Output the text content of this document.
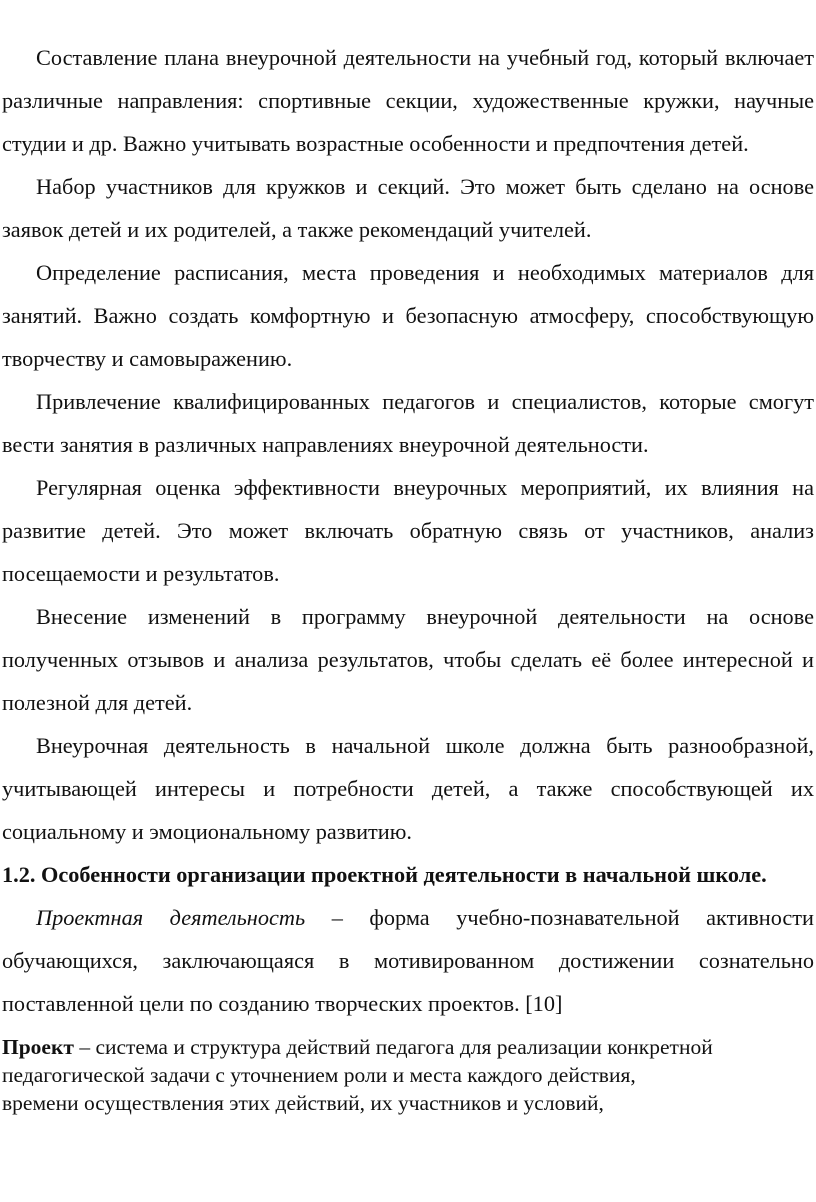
Составление плана внеурочной деятельности на учебный год, который включает различные направления: спортивные секции, художественные кружки, научные студии и др. Важно учитывать возрастные особенности и предпочтения детей.

Набор участников для кружков и секций. Это может быть сделано на основе заявок детей и их родителей, а также рекомендаций учителей.

Определение расписания, места проведения и необходимых материалов для занятий. Важно создать комфортную и безопасную атмосферу, способствующую творчеству и самовыражению.

Привлечение квалифицированных педагогов и специалистов, которые смогут вести занятия в различных направлениях внеурочной деятельности.

Регулярная оценка эффективности внеурочных мероприятий, их влияния на развитие детей. Это может включать обратную связь от участников, анализ посещаемости и результатов.

Внесение изменений в программу внеурочной деятельности на основе полученных отзывов и анализа результатов, чтобы сделать её более интересной и полезной для детей.

Внеурочная деятельность в начальной школе должна быть разнообразной, учитывающей интересы и потребности детей, а также способствующей их социальному и эмоциональному развитию.

1.2. Особенности организации проектной деятельности в начальной школе.

Проектная деятельность – форма учебно-познавательной активности обучающихся, заключающаяся в мотивированном достижении сознательно поставленной цели по созданию творческих проектов. [10]

Проект – система и структура действий педагога для реализации конкретной
педагогической задачи с уточнением роли и места каждого действия,
времени осуществления этих действий, их участников и условий,
